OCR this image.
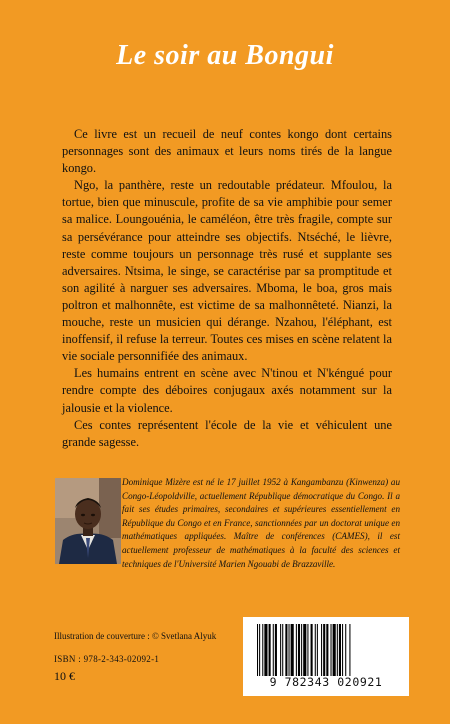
Le soir au Bongui

Ce livre est un recueil de neuf contes kongo dont certains personnages sont des animaux et leurs noms tirés de la langue kongo.

Ngo, la panthère, reste un redoutable prédateur. Mfoulou, la tortue, bien que minuscule, profite de sa vie amphibie pour semer sa malice. Loungouénia, le caméléon, être très fragile, compte sur sa persévérance pour atteindre ses objectifs. Ntséché, le lièvre, reste comme toujours un personnage très rusé et supplante ses adversaires. Ntsima, le singe, se caractérise par sa promptitude et son agilité à narguer ses adversaires. Mboma, le boa, gros mais poltron et malhonnête, est victime de sa malhonnêteté. Nianzi, la mouche, reste un musicien qui dérange. Nzahou, l'éléphant, est inoffensif, il refuse la terreur. Toutes ces mises en scène relatent la vie sociale personnifiée des animaux.

Les humains entrent en scène avec N'tinou et N'kéngué pour rendre compte des déboires conjugaux axés notamment sur la jalousie et la violence.

Ces contes représentent l'école de la vie et véhiculent une grande sagesse.

Dominique Mizère est né le 17 juillet 1952 à Kangambanzu (Kinwenza) au Congo-Léopoldville, actuellement République démocratique du Congo. Il a fait ses études primaires, secondaires et supérieures essentiellement en République du Congo et en France, sanctionnées par un doctorat unique en mathématiques appliquées. Maître de conférences (CAMES), il est actuellement professeur de mathématiques à la faculté des sciences et techniques de l'Université Marien Ngouabi de Brazzaville.
Illustration de couverture : © Svetlana Alyuk
ISBN : 978-2-343-02092-1
10 €	9 782343 020921
